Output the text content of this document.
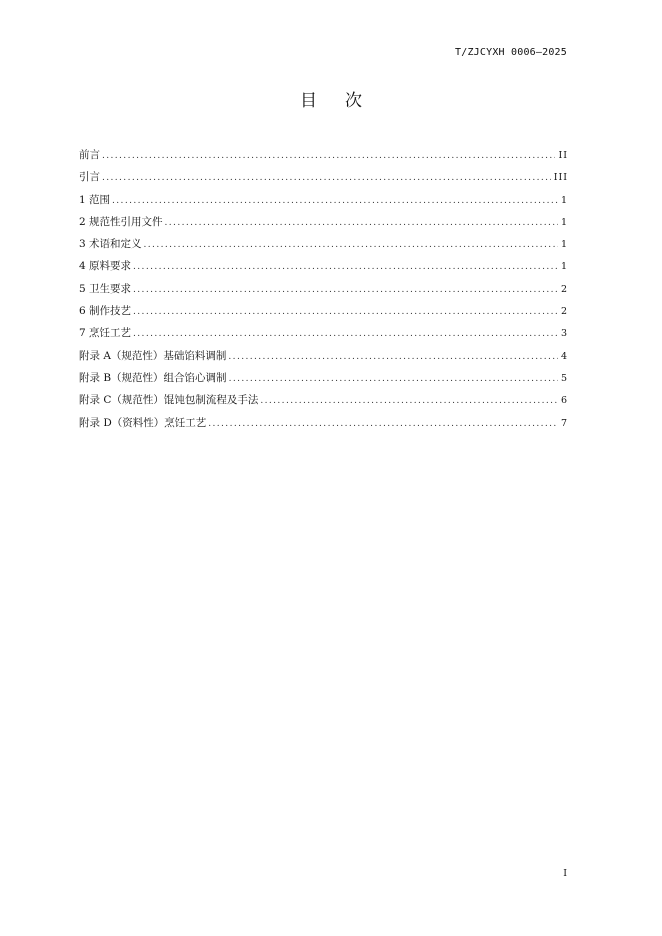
T/ZJCYXH 0006—2025
目次
前言 .....	II
引言 .....	III
1 范围 .....	1
2 规范性引用文件 .....	1
3 术语和定义 .....	1
4 原料要求 .....	1
5 卫生要求 .....	2
6 制作技艺 .....	2
7 烹饪工艺 .....	3
附录 A（规范性）基础馅料调制 .....	4
附录 B（规范性）组合馅心调制 .....	5
附录 C（规范性）馄饨包制流程及手法 .....	6
附录 D（资料性）烹饪工艺 .....	7
I
